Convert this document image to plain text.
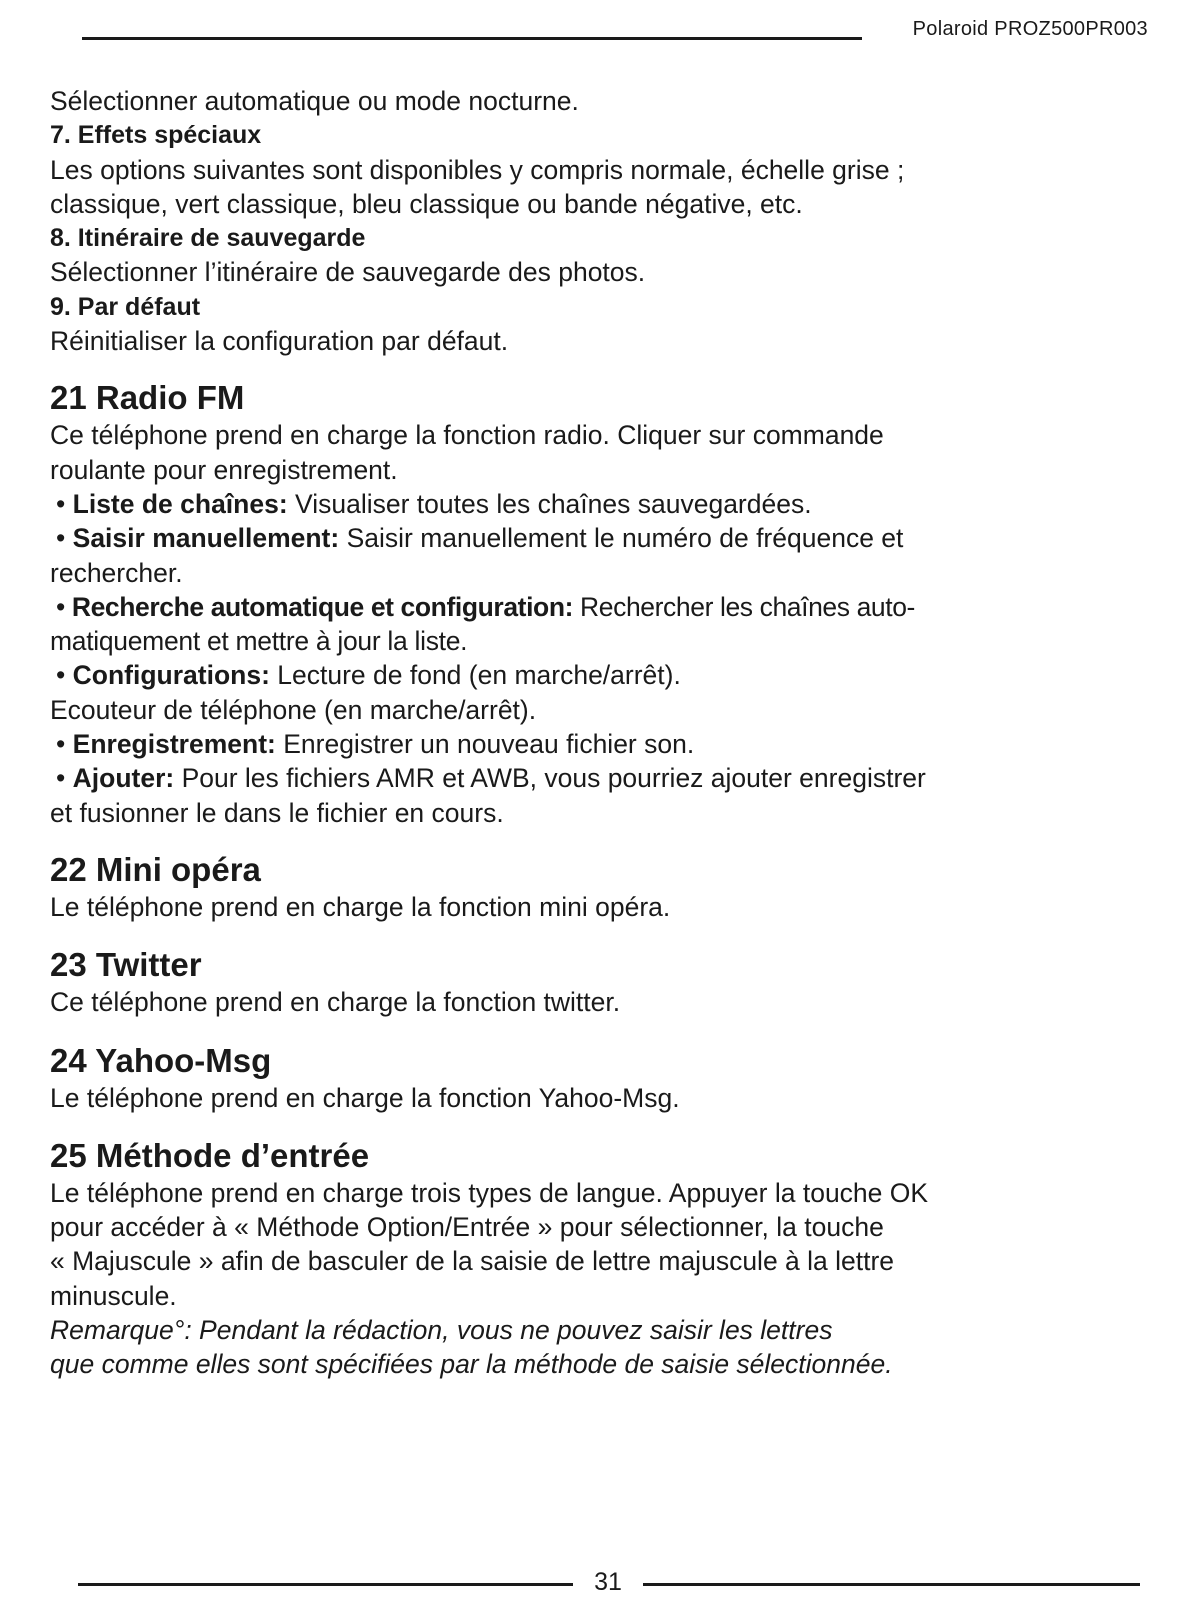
Polaroid PROZ500PR003

Sélectionner automatique ou mode nocturne.

7. Effets spéciaux

Les options suivantes sont disponibles y compris normale, échelle grise ;

classique, vert classique, bleu classique ou bande négative, etc.

8. Itinéraire de sauvegarde

Sélectionner l’itinéraire de sauvegarde des photos.

9. Par défaut

Réinitialiser la configuration par défaut.

21 Radio FM

Ce téléphone prend en charge la fonction radio. Cliquer sur commande

roulante pour enregistrement.

• Liste de chaînes: Visualiser toutes les chaînes sauvegardées.

• Saisir manuellement: Saisir manuellement le numéro de fréquence et

rechercher.

• Recherche automatique et configuration: Rechercher les chaînes auto-

matiquement et mettre à jour la liste.

• Configurations: Lecture de fond (en marche/arrêt).

Ecouteur de téléphone (en marche/arrêt).

• Enregistrement: Enregistrer un nouveau fichier son.

• Ajouter: Pour les fichiers AMR et AWB, vous pourriez ajouter enregistrer

et fusionner le dans le fichier en cours.

22 Mini opéra

Le téléphone prend en charge la fonction mini opéra.

23 Twitter

Ce téléphone prend en charge la fonction twitter.

24 Yahoo-Msg

Le téléphone prend en charge la fonction Yahoo-Msg.

25 Méthode d’entrée

Le téléphone prend en charge trois types de langue. Appuyer la touche OK

pour accéder à « Méthode Option/Entrée » pour sélectionner, la touche

« Majuscule » afin de basculer de la saisie de lettre majuscule à la lettre

minuscule.

Remarque°: Pendant la rédaction, vous ne pouvez saisir les lettres

que comme elles sont spécifiées par la méthode de saisie sélectionnée.

31
